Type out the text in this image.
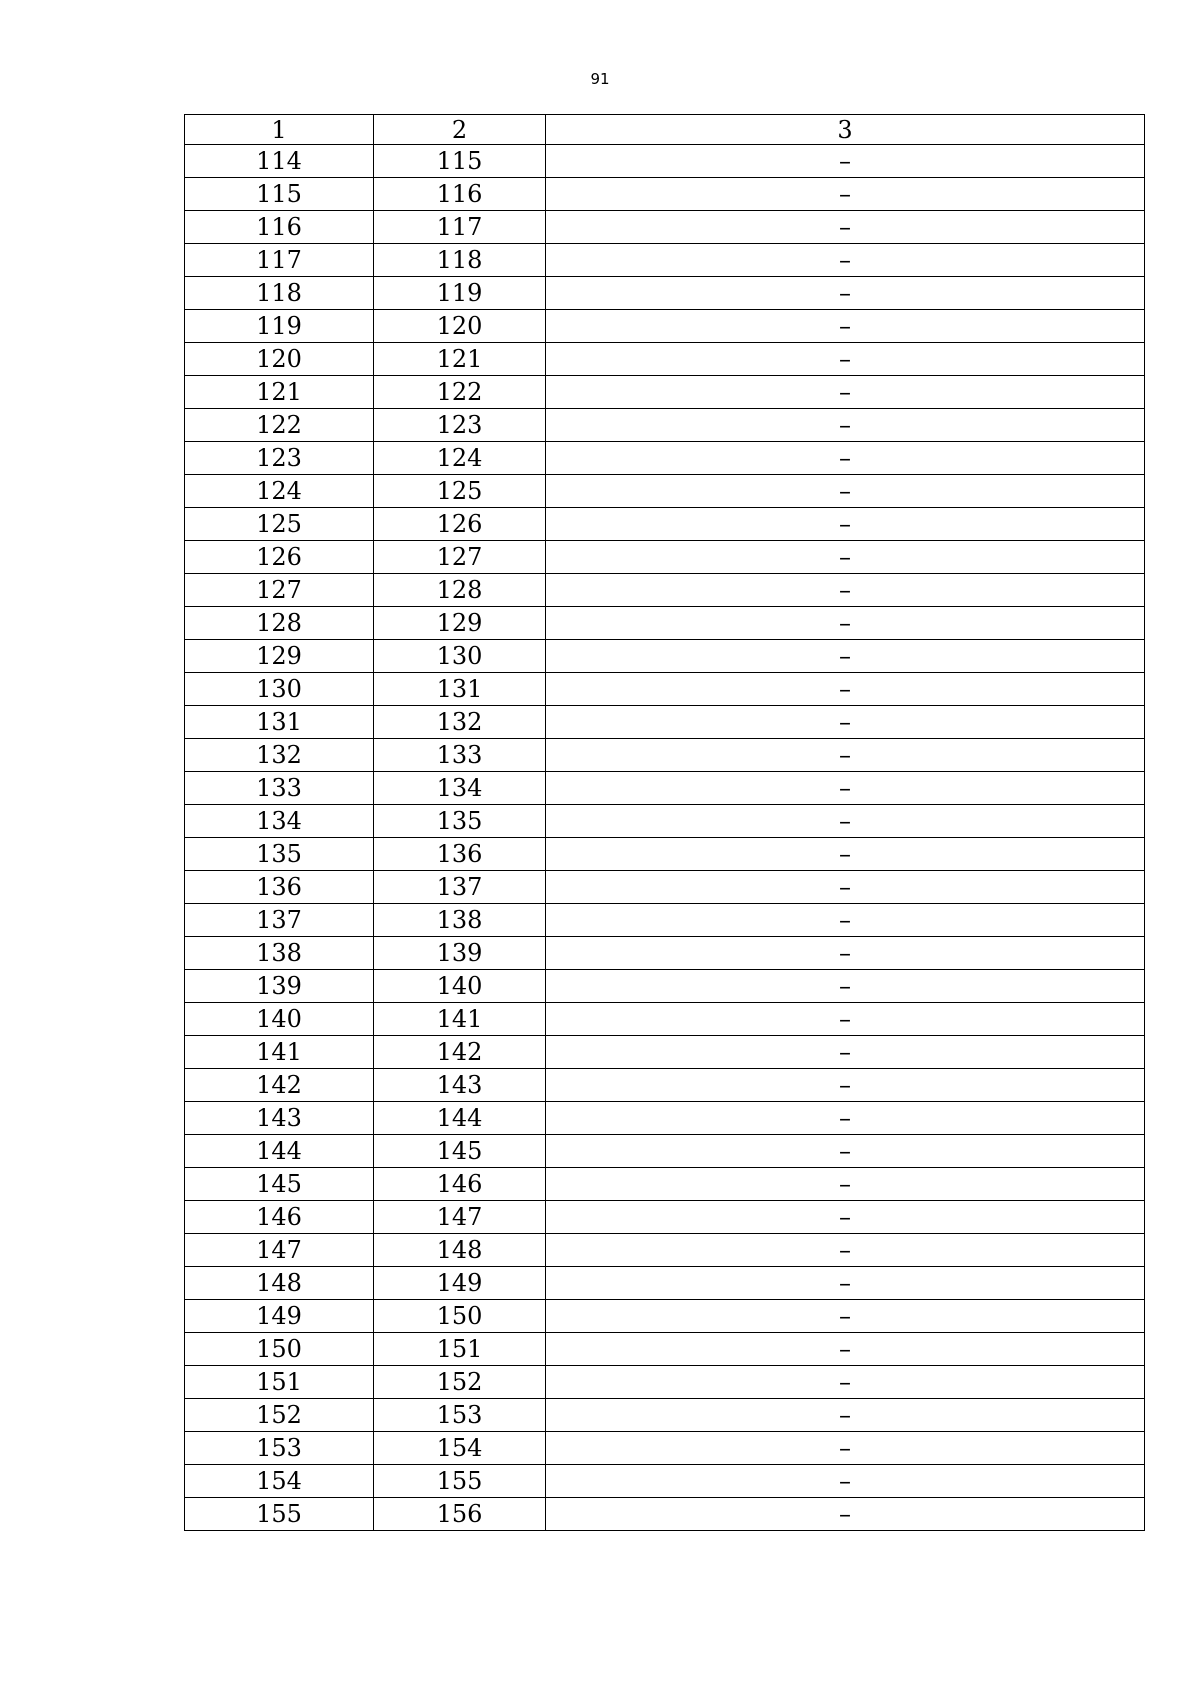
91
1	2	3
114	115	–
115	116	–
116	117	–
117	118	–
118	119	–
119	120	–
120	121	–
121	122	–
122	123	–
123	124	–
124	125	–
125	126	–
126	127	–
127	128	–
128	129	–
129	130	–
130	131	–
131	132	–
132	133	–
133	134	–
134	135	–
135	136	–
136	137	–
137	138	–
138	139	–
139	140	–
140	141	–
141	142	–
142	143	–
143	144	–
144	145	–
145	146	–
146	147	–
147	148	–
148	149	–
149	150	–
150	151	–
151	152	–
152	153	–
153	154	–
154	155	–
155	156	–
